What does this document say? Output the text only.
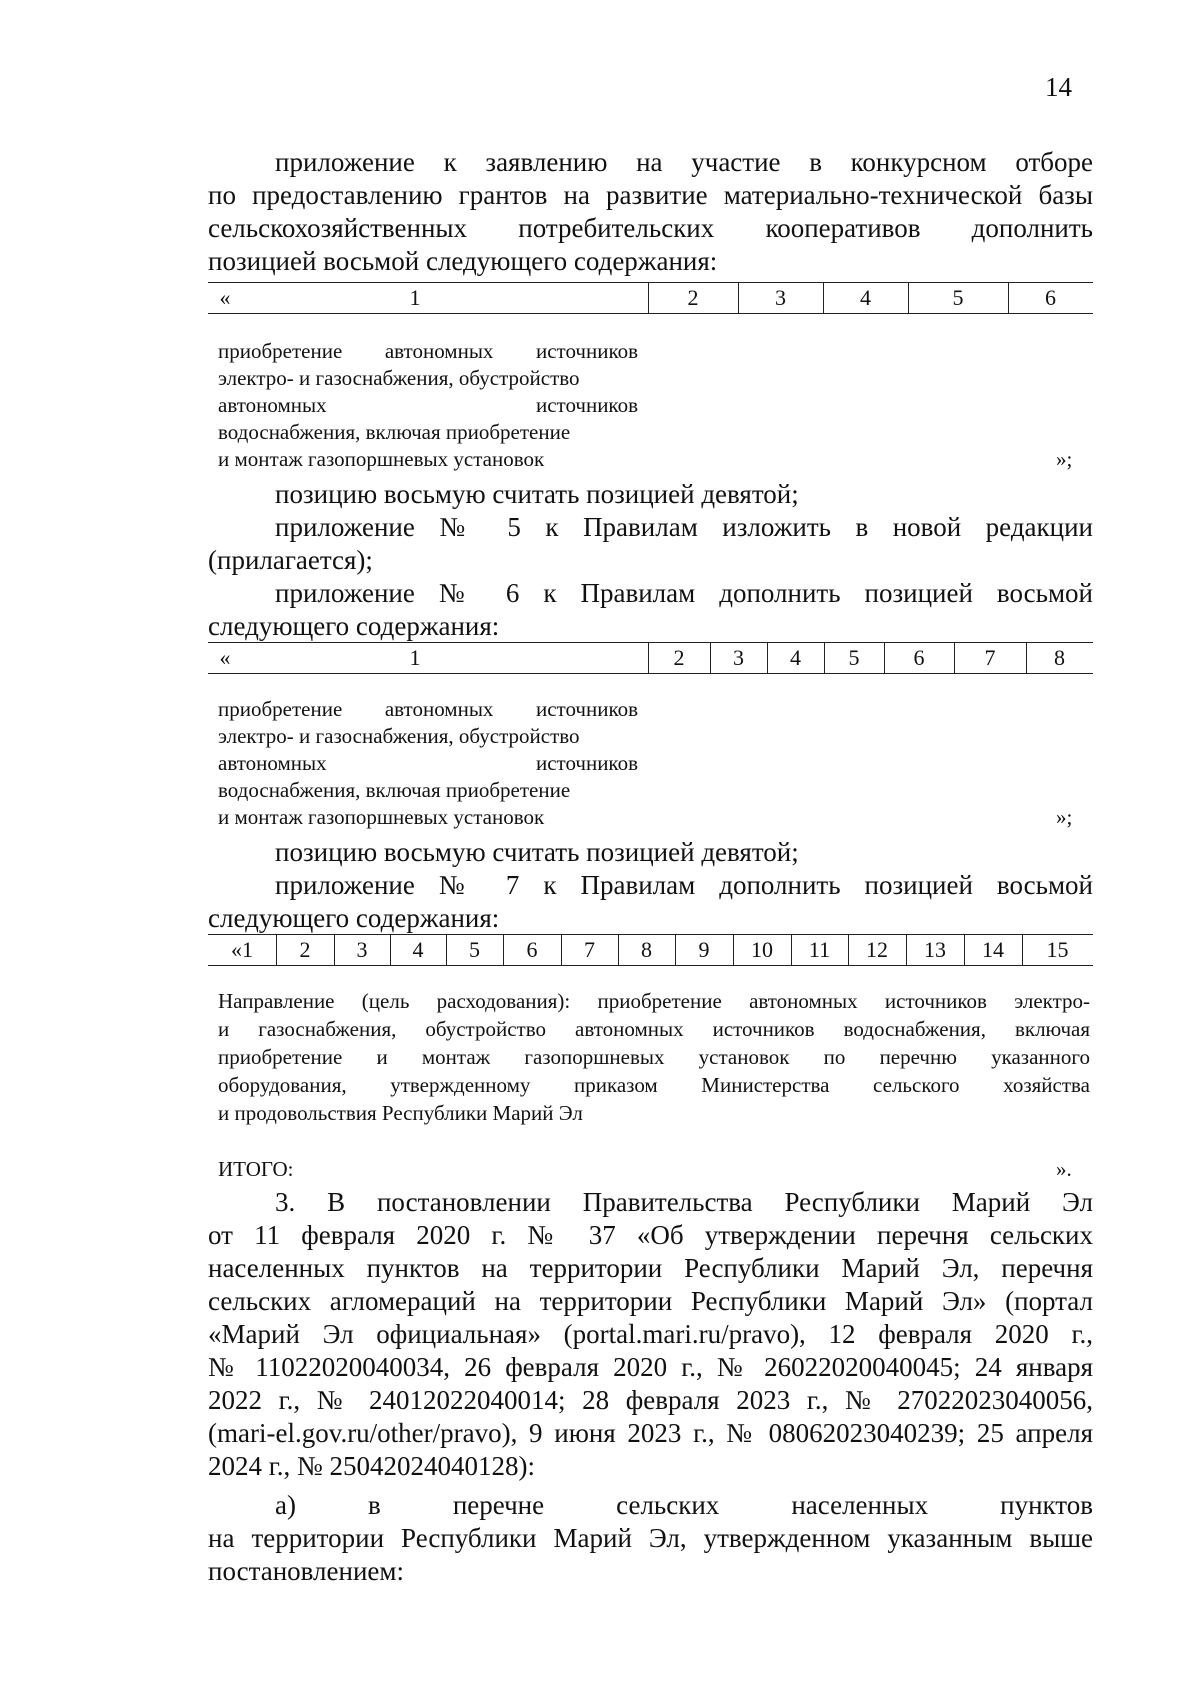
14
приложение к заявлению на участие в конкурсном отборе
по предоставлению грантов на развитие материально-технической базы
сельскохозяйственных потребительских кооперативов дополнить
позицией восьмой следующего содержания:
«	1	2	3	4	5	6
приобретение автономных источников
электро- и газоснабжения, обустройство
автономных источников
водоснабжения, включая приобретение
и монтаж газопоршневых установок	»;
позицию восьмую считать позицией девятой;
приложение № 5 к Правилам изложить в новой редакции
(прилагается);
приложение № 6 к Правилам дополнить позицией восьмой
следующего содержания:
«	1	2	3	4	5	6	7	8
приобретение автономных источников
электро- и газоснабжения, обустройство
автономных источников
водоснабжения, включая приобретение
и монтаж газопоршневых установок	»;
позицию восьмую считать позицией девятой;
приложение № 7 к Правилам дополнить позицией восьмой
следующего содержания:
«1	2	3	4	5	6	7	8	9	10	11	12	13	14	15
Направление (цель расходования): приобретение автономных источников электро-
и газоснабжения, обустройство автономных источников водоснабжения, включая
приобретение и монтаж газопоршневых установок по перечню указанного
оборудования, утвержденному приказом Министерства сельского хозяйства
и продовольствия Республики Марий Эл
ИТОГО:	».
3. В постановлении Правительства Республики Марий Эл
от 11 февраля 2020 г. № 37 «Об утверждении перечня сельских
населенных пунктов на территории Республики Марий Эл, перечня
сельских агломераций на территории Республики Марий Эл» (портал
«Марий Эл официальная» (portal.mari.ru/pravo), 12 февраля 2020 г.,
№ 11022020040034, 26 февраля 2020 г., № 26022020040045; 24 января
2022 г., № 24012022040014; 28 февраля 2023 г., № 27022023040056,
(mari-el.gov.ru/other/pravo), 9 июня 2023 г., № 08062023040239; 25 апреля
2024 г., № 25042024040128):
а) в перечне сельских населенных пунктов
на территории Республики Марий Эл, утвержденном указанным выше
постановлением:
